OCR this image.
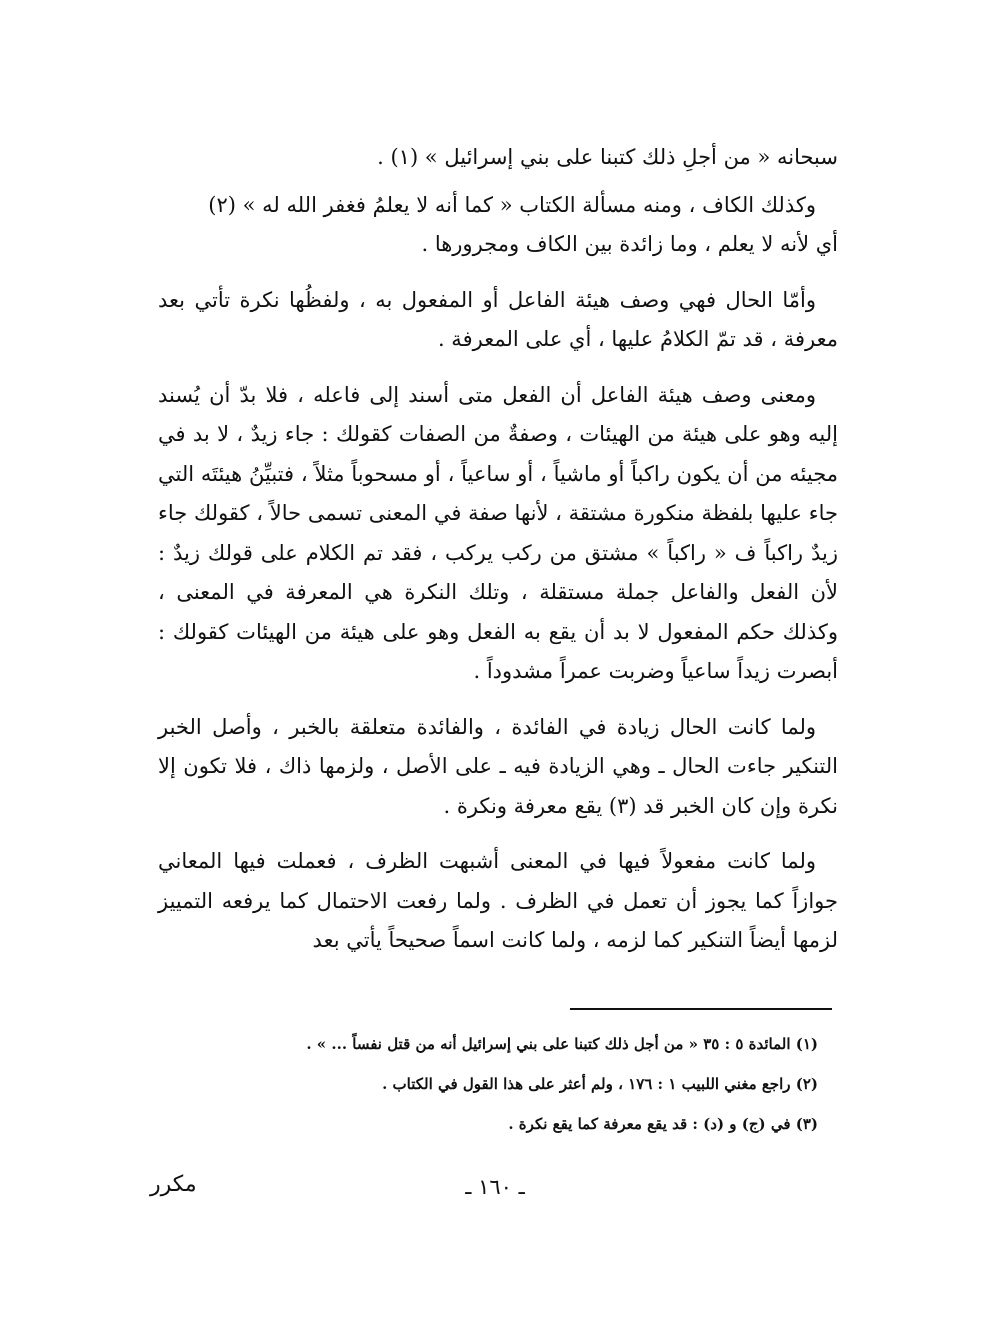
سبحانه « من أجلِ ذلك كتبنا على بني إسرائيل » (١) .

وكذلك الكاف ، ومنه مسألة الكتاب « كما أنه لا يعلمُ فغفر الله له » (٢)

أي لأنه لا يعلم ، وما زائدة بين الكاف ومجرورها .

وأمّا الحال فهي وصف هيئة الفاعل أو المفعول به ، ولفظُها نكرة تأتي بعد معرفة ، قد تمّ الكلامُ عليها ، أي على المعرفة .

ومعنى وصف هيئة الفاعل أن الفعل متى أسند إلى فاعله ، فلا بدّ أن يُسند إليه وهو على هيئة من الهيئات ، وصفةٌ من الصفات كقولك : جاء زيدٌ ، لا بد في مجيئه من أن يكون راكباً أو ماشياً ، أو ساعياً ، أو مسحوباً مثلاً ، فتبيِّنُ هيئتَه التي جاء عليها بلفظة منكورة مشتقة ، لأنها صفة في المعنى تسمى حالاً ، كقولك جاء زيدٌ راكباً ف « راكباً » مشتق من ركب يركب ، فقد تم الكلام على قولك زيدٌ : لأن الفعل والفاعل جملة مستقلة ، وتلك النكرة هي المعرفة في المعنى ، وكذلك حكم المفعول لا بد أن يقع به الفعل وهو على هيئة من الهيئات كقولك : أبصرت زيداً ساعياً وضربت عمراً مشدوداً .

ولما كانت الحال زيادة في الفائدة ، والفائدة متعلقة بالخبر ، وأصل الخبر التنكير جاءت الحال ـ وهي الزيادة فيه ـ على الأصل ، ولزمها ذاك ، فلا تكون إلا نكرة وإن كان الخبر قد (٣) يقع معرفة ونكرة .

ولما كانت مفعولاً فيها في المعنى أشبهت الظرف ، فعملت فيها المعاني جوازاً كما يجوز أن تعمل في الظرف . ولما رفعت الاحتمال كما يرفعه التمييز لزمها أيضاً التنكير كما لزمه ، ولما كانت اسماً صحيحاً يأتي بعد

(١) المائدة ٥ : ٣٥ « من أجل ذلك كتبنا على بني إسرائيل أنه من قتل نفساً ... » .

(٢) راجع مغني اللبيب ١ : ١٧٦ ، ولم أعثر على هذا القول في الكتاب .

(٣) في (ج) و (د) : قد يقع معرفة كما يقع نكرة .

ـ ١٦٠ ـ
مكرر
